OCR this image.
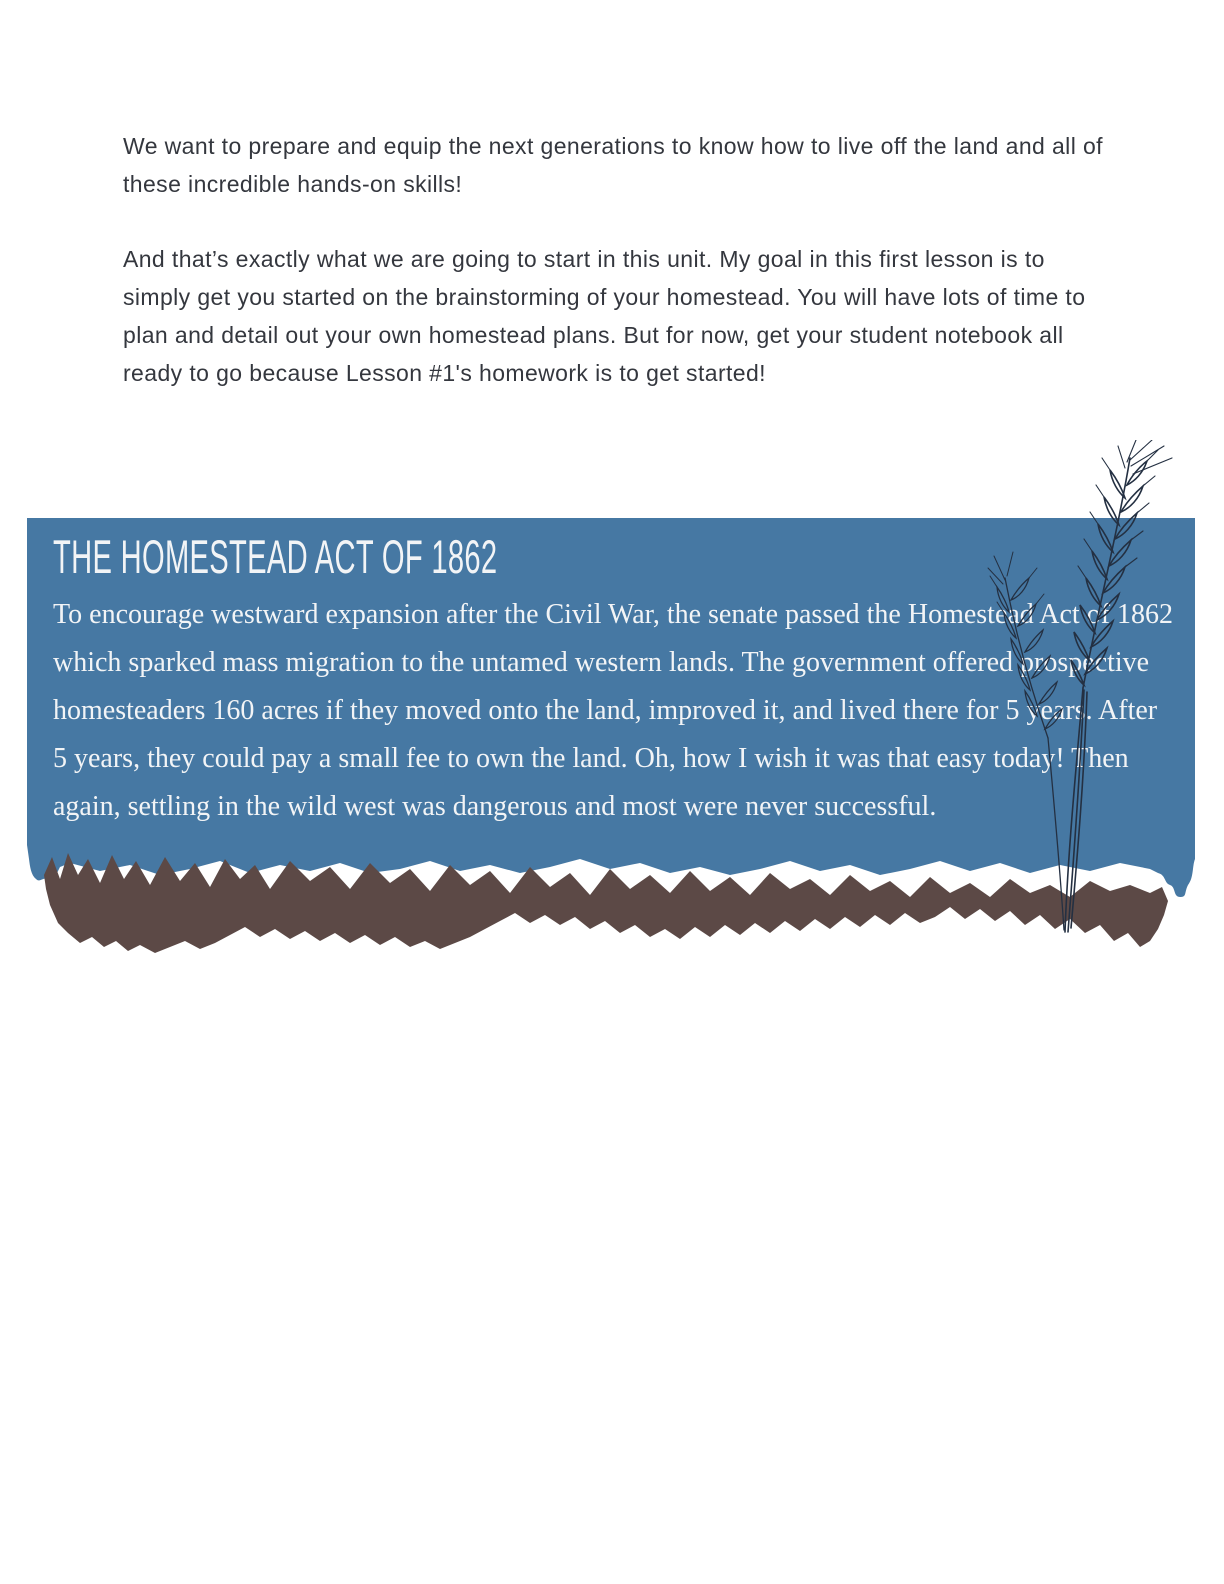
We want to prepare and equip the next generations to know how to live off the land and all of these incredible hands-on skills!

And that’s exactly what we are going to start in this unit. My goal in this first lesson is to simply get you started on the brainstorming of your homestead. You will have lots of time to plan and detail out your own homestead plans. But for now, get your student notebook all ready to go because Lesson #1's homework is to get started!

THE HOMESTEAD ACT OF 1862

To encourage westward expansion after the Civil War, the senate passed the Homestead Act of 1862 which sparked mass migration to the untamed western lands. The government offered prospective homesteaders 160 acres if they moved onto the land, improved it, and lived there for 5 years. After 5 years, they could pay a small fee to own the land. Oh, how I wish it was that easy today! Then again, settling in the wild west was dangerous and most were never successful.
